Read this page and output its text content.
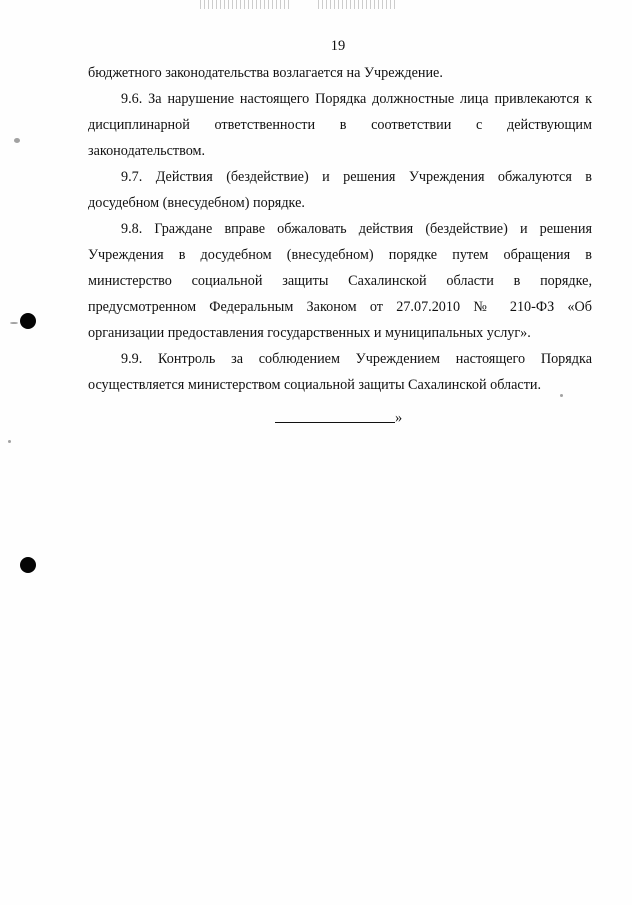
19

бюджетного законодательства возлагается на Учреждение.

9.6. За нарушение настоящего Порядка должностные лица привлекаются к дисциплинарной ответственности в соответствии с действующим законодательством.

9.7. Действия (бездействие) и решения Учреждения обжалуются в досудебном (внесудебном) порядке.

9.8. Граждане вправе обжаловать действия (бездействие) и решения Учреждения в досудебном (внесудебном) порядке путем обращения в министерство социальной защиты Сахалинской области в порядке, предусмотренном Федеральным Законом от 27.07.2010 № 210-ФЗ «Об организации предоставления государственных и муниципальных услуг».

9.9. Контроль за соблюдением Учреждением настоящего Порядка осуществляется министерством социальной защиты Сахалинской области.

»
